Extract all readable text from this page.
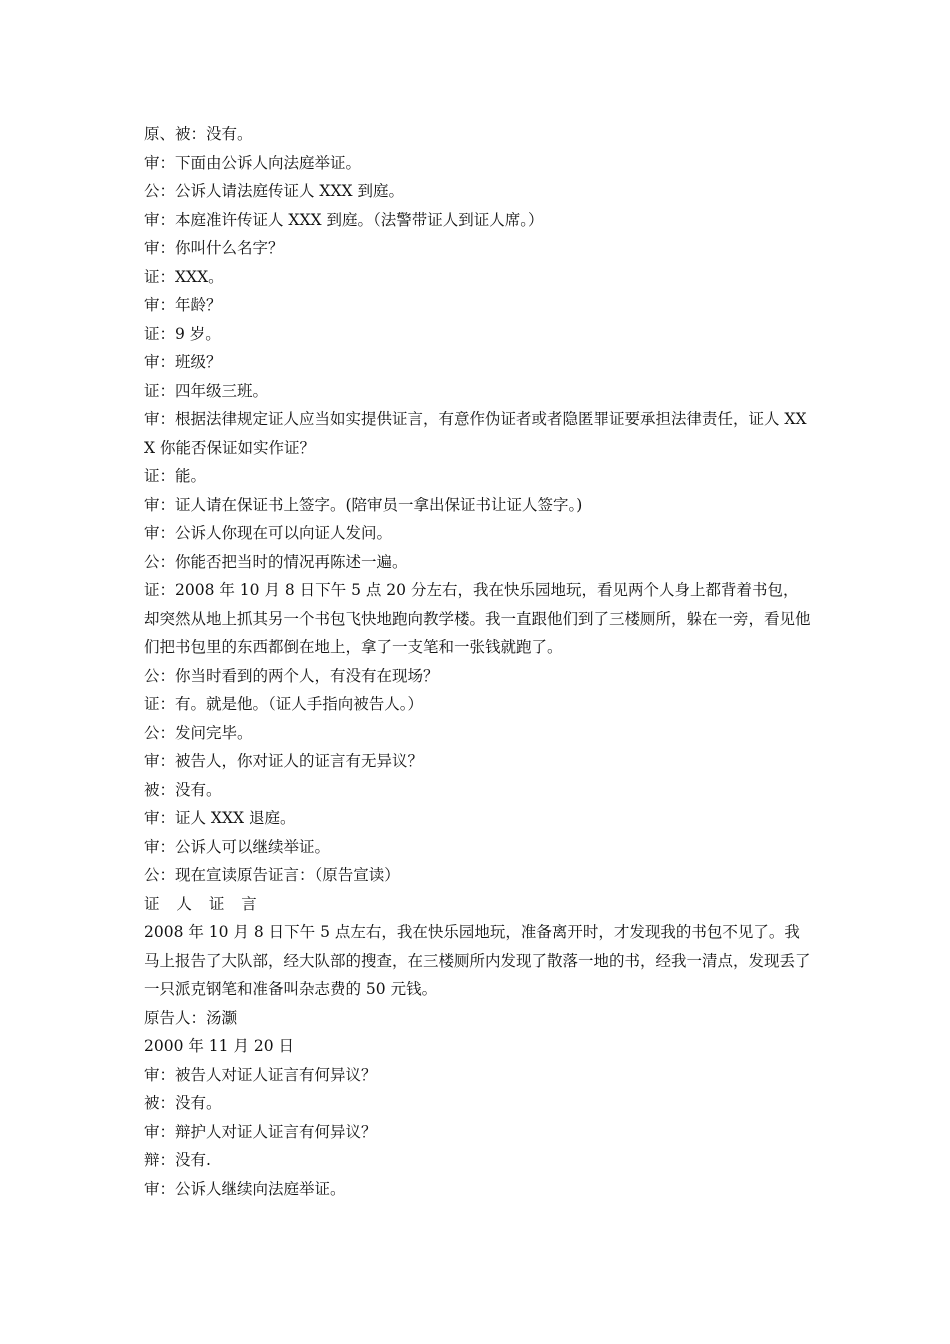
原、被：没有。
审：下面由公诉人向法庭举证。
公：公诉人请法庭传证人 XXX 到庭。
审：本庭准许传证人 XXX 到庭。（法警带证人到证人席。）
审：你叫什么名字？
证：XXX。
审：年龄？
证：9 岁。
审：班级？
证：四年级三班。
审：根据法律规定证人应当如实提供证言，有意作伪证者或者隐匿罪证要承担法律责任，证人 XXX 你能否保证如实作证？
证：能。
审：证人请在保证书上签字。(陪审员一拿出保证书让证人签字。)
审：公诉人你现在可以向证人发问。
公：你能否把当时的情况再陈述一遍。
证：2008 年 10 月 8 日下午 5 点 20 分左右，我在快乐园地玩，看见两个人身上都背着书包，却突然从地上抓其另一个书包飞快地跑向教学楼。我一直跟他们到了三楼厕所，躲在一旁，看见他们把书包里的东西都倒在地上，拿了一支笔和一张钱就跑了。
公：你当时看到的两个人，有没有在现场？
证：有。就是他。（证人手指向被告人。）
公：发问完毕。
审：被告人，你对证人的证言有无异议？
被：没有。
审：证人 XXX 退庭。
审：公诉人可以继续举证。
公：现在宣读原告证言：（原告宣读）
证 人 证 言
2008 年 10 月 8 日下午 5 点左右，我在快乐园地玩，准备离开时，才发现我的书包不见了。我马上报告了大队部，经大队部的搜查，在三楼厕所内发现了散落一地的书，经我一清点，发现丢了一只派克钢笔和准备叫杂志费的 50 元钱。
原告人：汤灏
2000 年 11 月 20 日
审：被告人对证人证言有何异议？
被：没有。
审：辩护人对证人证言有何异议？
辩：没有.
审：公诉人继续向法庭举证。
